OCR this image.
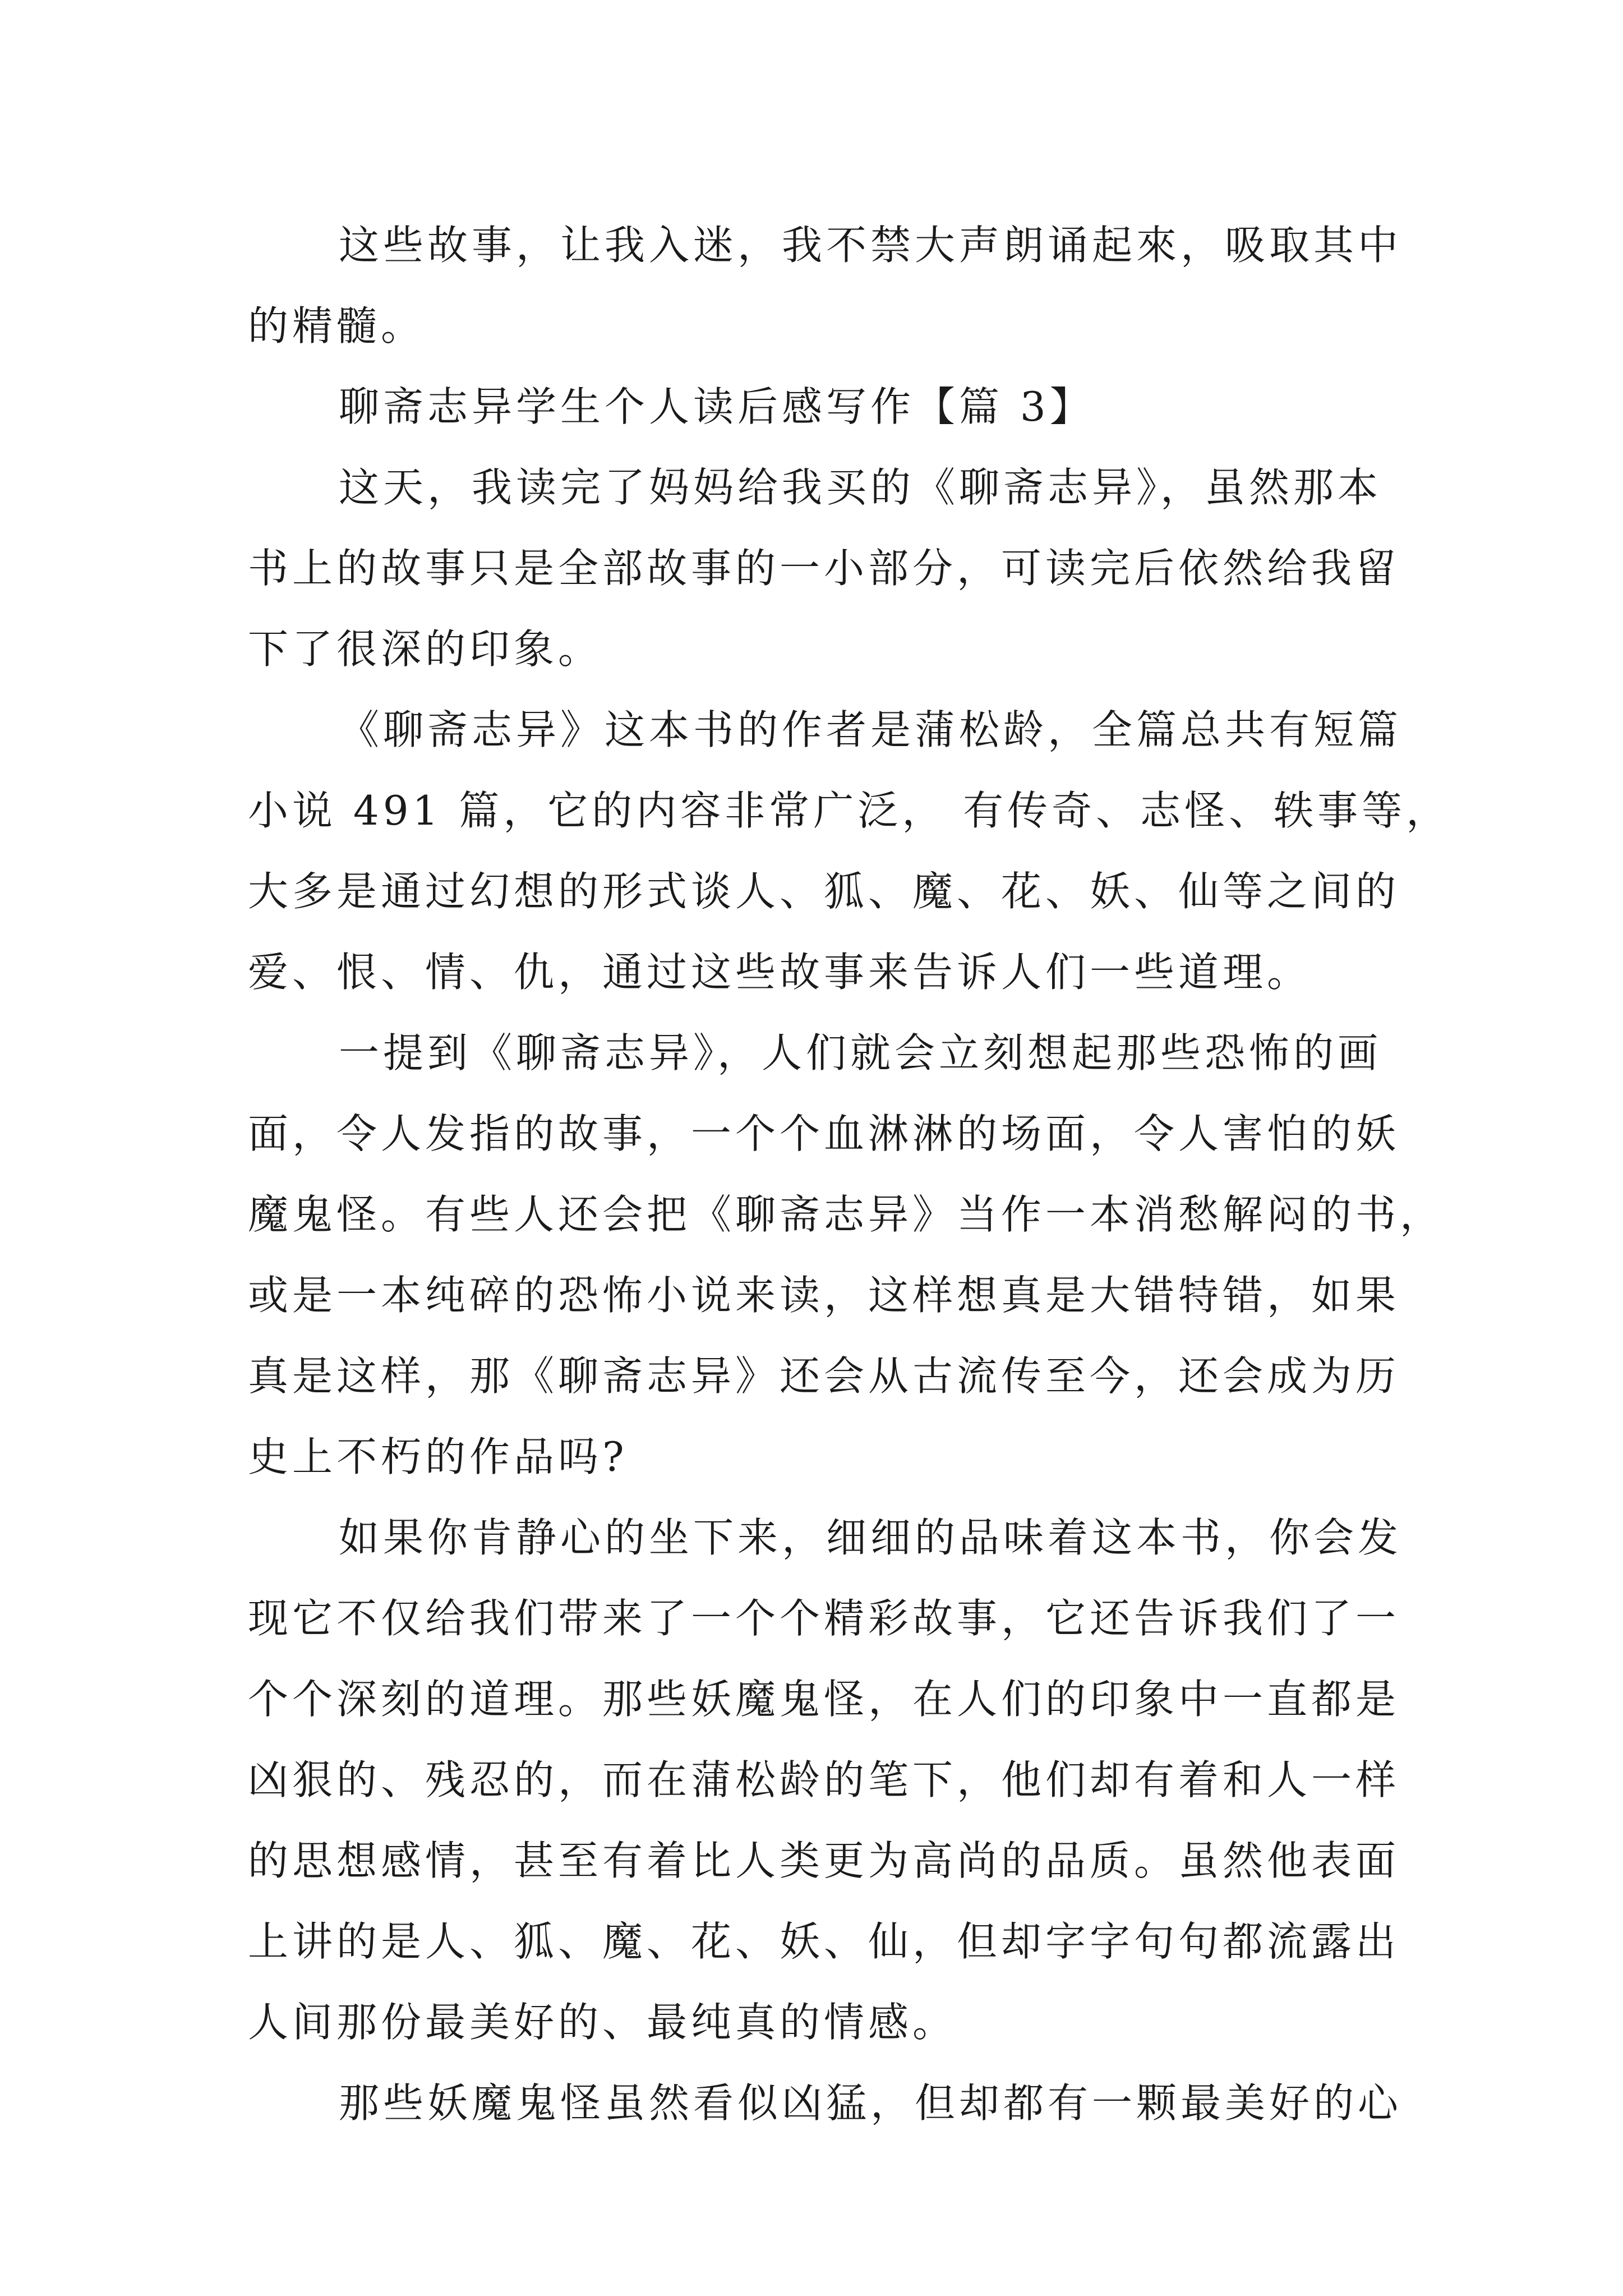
这些故事，让我入迷，我不禁大声朗诵起來，吸取其中
的精髓。
聊斋志异学生个人读后感写作【篇 3】
这天，我读完了妈妈给我买的《聊斋志异》，虽然那本
书上的故事只是全部故事的一小部分，可读完后依然给我留
下了很深的印象。
《聊斋志异》这本书的作者是蒲松龄，全篇总共有短篇
小说 491 篇，它的内容非常广泛， 有传奇、志怪、轶事等，
大多是通过幻想的形式谈人、狐、魔、花、妖、仙等之间的
爱、恨、情、仇，通过这些故事来告诉人们一些道理。
一提到《聊斋志异》，人们就会立刻想起那些恐怖的画
面，令人发指的故事，一个个血淋淋的场面，令人害怕的妖
魔鬼怪。有些人还会把《聊斋志异》当作一本消愁解闷的书，
或是一本纯碎的恐怖小说来读，这样想真是大错特错，如果
真是这样，那《聊斋志异》还会从古流传至今，还会成为历
史上不朽的作品吗?
如果你肯静心的坐下来，细细的品味着这本书，你会发
现它不仅给我们带来了一个个精彩故事，它还告诉我们了一
个个深刻的道理。那些妖魔鬼怪，在人们的印象中一直都是
凶狠的、残忍的，而在蒲松龄的笔下，他们却有着和人一样
的思想感情，甚至有着比人类更为高尚的品质。虽然他表面
上讲的是人、狐、魔、花、妖、仙，但却字字句句都流露出
人间那份最美好的、最纯真的情感。
那些妖魔鬼怪虽然看似凶猛，但却都有一颗最美好的心
